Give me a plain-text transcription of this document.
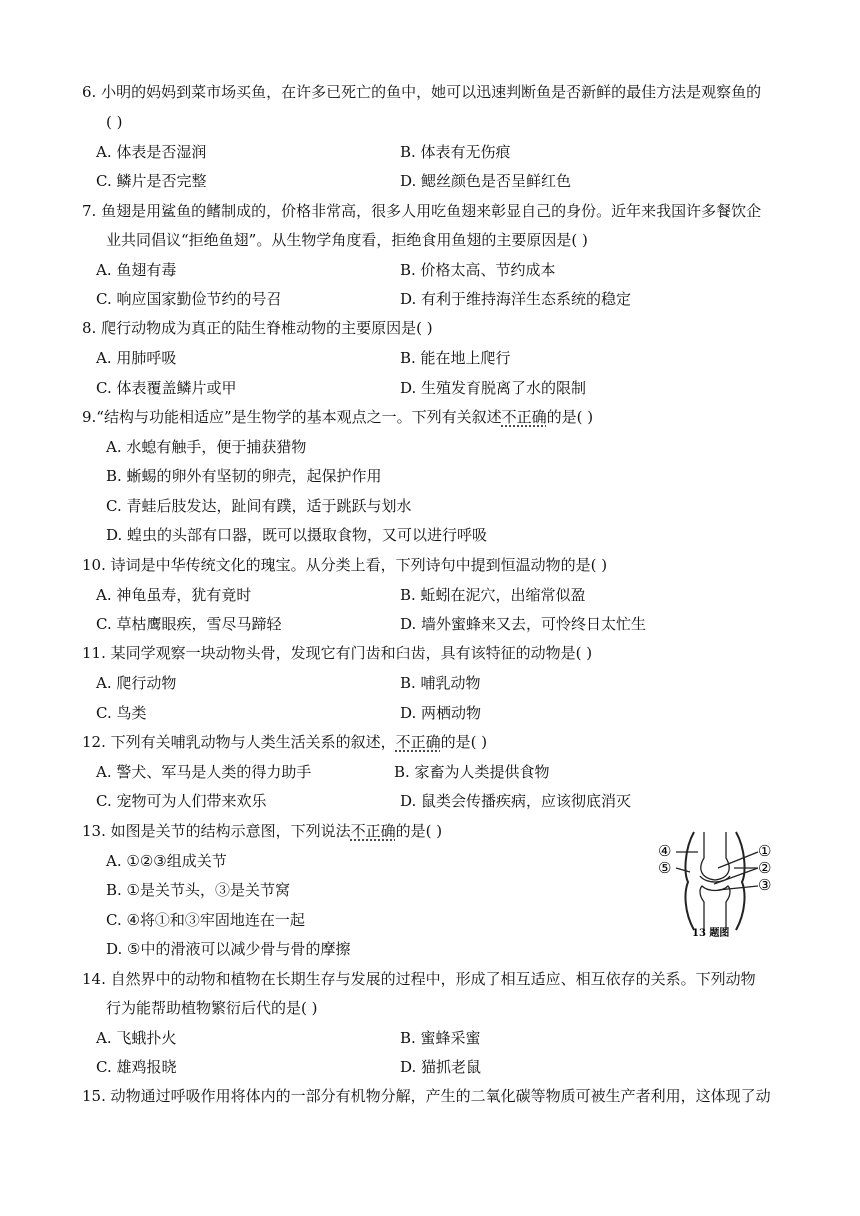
6. 小明的妈妈到菜市场买鱼，在许多已死亡的鱼中，她可以迅速判断鱼是否新鲜的最佳方法是观察鱼的
( )
A. 体表是否湿润	B. 体表有无伤痕
C. 鳞片是否完整	D. 鳃丝颜色是否呈鲜红色
7. 鱼翅是用鲨鱼的鳍制成的，价格非常高，很多人用吃鱼翅来彰显自己的身份。近年来我国许多餐饮企
业共同倡议“拒绝鱼翅”。从生物学角度看，拒绝食用鱼翅的主要原因是( )
A. 鱼翅有毒	B. 价格太高、节约成本
C. 响应国家勤俭节约的号召	D. 有利于维持海洋生态系统的稳定
8. 爬行动物成为真正的陆生脊椎动物的主要原因是( )
A. 用肺呼吸	B. 能在地上爬行
C. 体表覆盖鳞片或甲	D. 生殖发育脱离了水的限制
9.“结构与功能相适应”是生物学的基本观点之一。下列有关叙述不正确的是( )
A. 水螅有触手，便于捕获猎物
B. 蜥蜴的卵外有坚韧的卵壳，起保护作用
C. 青蛙后肢发达，趾间有蹼，适于跳跃与划水
D. 蝗虫的头部有口器，既可以摄取食物，又可以进行呼吸
10. 诗词是中华传统文化的瑰宝。从分类上看，下列诗句中提到恒温动物的是( )
A. 神龟虽寿，犹有竟时	B. 蚯蚓在泥穴，出缩常似盈
C. 草枯鹰眼疾，雪尽马蹄轻	D. 墙外蜜蜂来又去，可怜终日太忙生
11. 某同学观察一块动物头骨，发现它有门齿和臼齿，具有该特征的动物是( )
A. 爬行动物	B. 哺乳动物
C. 鸟类	D. 两栖动物
12. 下列有关哺乳动物与人类生活关系的叙述，不正确的是( )
A. 警犬、军马是人类的得力助手	B. 家畜为人类提供食物
C. 宠物可为人们带来欢乐	D. 鼠类会传播疾病，应该彻底消灭
13. 如图是关节的结构示意图，下列说法不正确的是( )
A. ①②③组成关节
B. ①是关节头，③是关节窝
C. ④将①和③牢固地连在一起
D. ⑤中的滑液可以减少骨与骨的摩擦
④
⑤
①
②
③
13 题图
14. 自然界中的动物和植物在长期生存与发展的过程中，形成了相互适应、相互依存的关系。下列动物
行为能帮助植物繁衍后代的是( )
A. 飞蛾扑火	B. 蜜蜂采蜜
C. 雄鸡报晓	D. 猫抓老鼠
15. 动物通过呼吸作用将体内的一部分有机物分解，产生的二氧化碳等物质可被生产者利用，这体现了动
